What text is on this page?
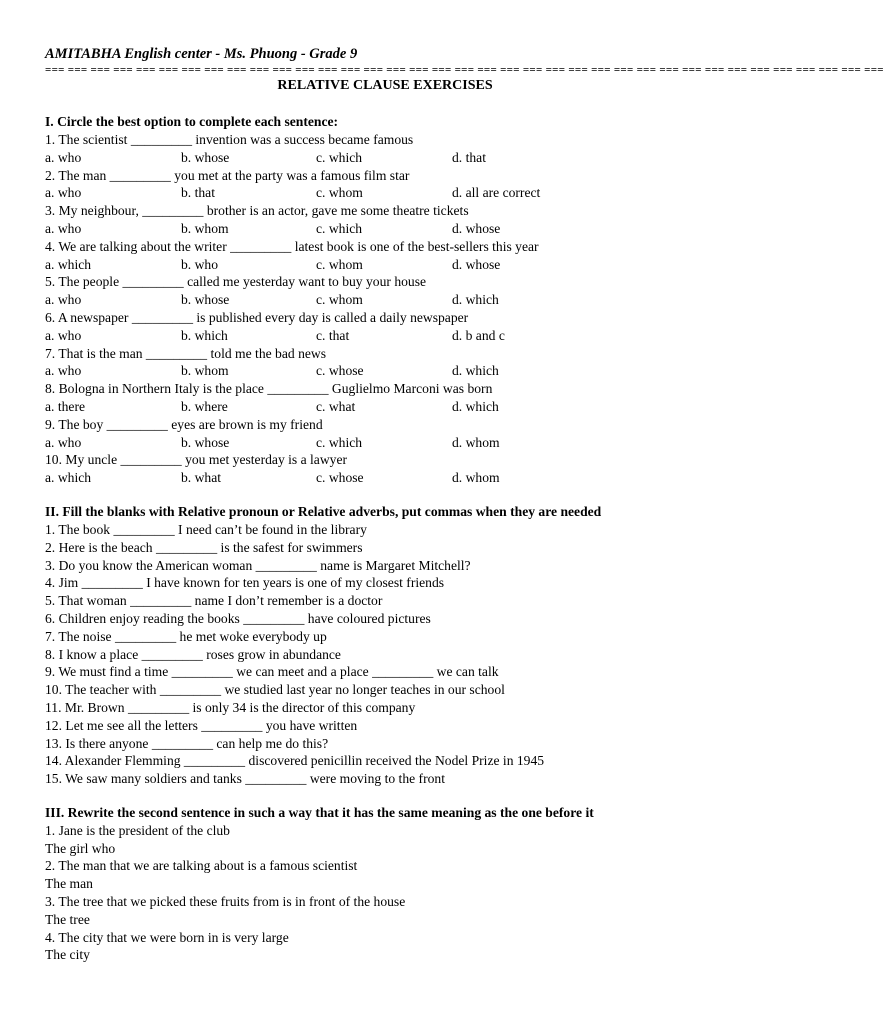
AMITABHA English center - Ms. Phuong - Grade 9
=== === === === === === === === === === === === === === === === === === === === === === === === === === === === === === === === === === === === ===
RELATIVE CLAUSE EXERCISES
I. Circle the best option to complete each sentence:
1. The scientist _________ invention was a success became famous
a. who	b. whose	c. which	d. that
2. The man _________ you met at the party was a famous film star
a. who	b. that	c. whom	d. all are correct
3. My neighbour, _________ brother is an actor, gave me some theatre tickets
a. who	b. whom	c. which	d. whose
4. We are talking about the writer _________ latest book is one of the best-sellers this year
a. which	b. who	c. whom	d. whose
5. The people _________ called me yesterday want to buy your house
a. who	b. whose	c. whom	d. which
6. A newspaper _________ is published every day is called a daily newspaper
a. who	b. which	c. that	d. b and c
7. That is the man _________ told me the bad news
a. who	b. whom	c. whose	d. which
8. Bologna in Northern Italy is the place _________ Guglielmo Marconi was born
a. there	b. where	c. what	d. which
9. The boy _________ eyes are brown is my friend
a. who	b. whose	c. which	d. whom
10. My uncle _________ you met yesterday is a lawyer
a. which	b. what	c. whose	d. whom
II. Fill the blanks with Relative pronoun or Relative adverbs, put commas when they are needed
1. The book _________ I need can’t be found in the library
2. Here is the beach _________ is the safest for swimmers
3. Do you know the American woman _________ name is Margaret Mitchell?
4. Jim _________ I have known for ten years is one of my closest friends
5. That woman _________ name I don’t remember is a doctor
6. Children enjoy reading the books _________ have coloured pictures
7. The noise _________ he met woke everybody up
8. I know a place _________ roses grow in abundance
9. We must find a time _________ we can meet and a place _________ we can talk
10. The teacher with _________ we studied last year no longer teaches in our school
11. Mr. Brown _________ is only 34 is the director of this company
12. Let me see all the letters _________ you have written
13. Is there anyone _________ can help me do this?
14. Alexander Flemming _________ discovered penicillin received the Nodel Prize in 1945
15. We saw many soldiers and tanks _________ were moving to the front
III. Rewrite the second sentence in such a way that it has the same meaning as the one before it
1. Jane is the president of the club
The girl who
2. The man that we are talking about is a famous scientist
The man
3. The tree that we picked these fruits from is in front of the house
The tree
4. The city that we were born in is very large
The city
